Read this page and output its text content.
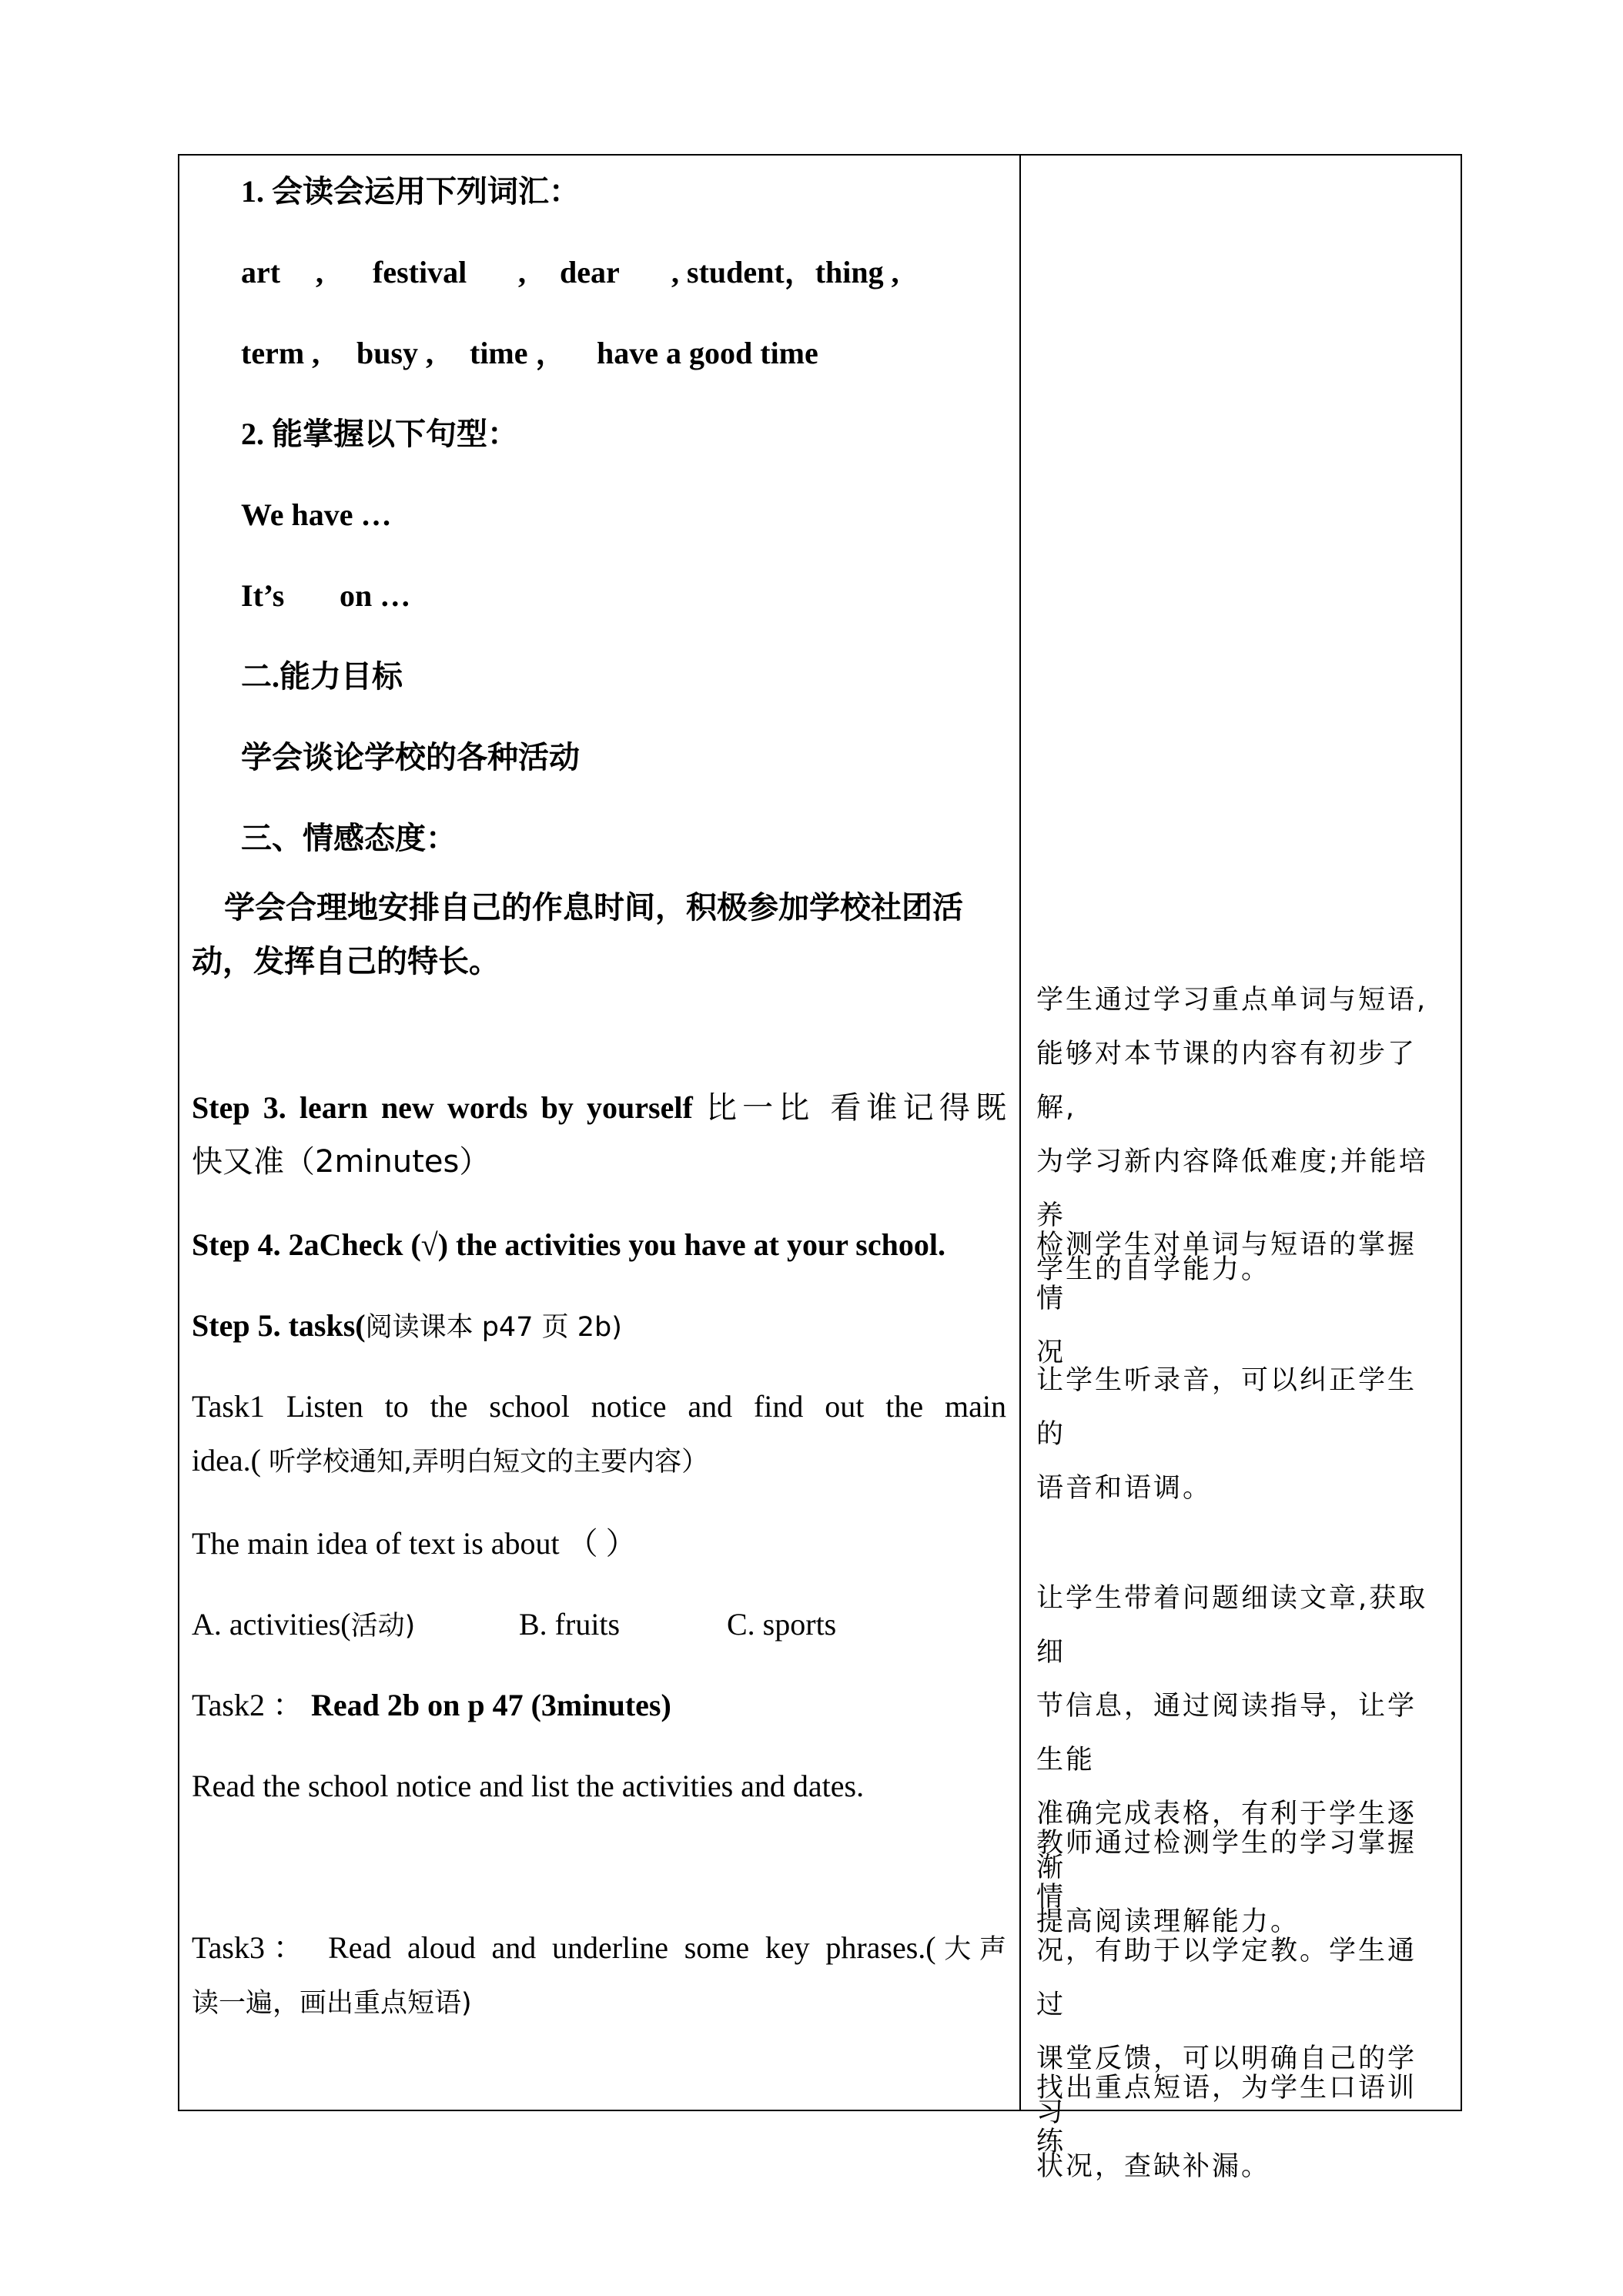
1. 会读会运用下列词汇：
art , festival , dear , student，thing ,
term , busy , time ， have a good time
2. 能掌握以下句型：
We have …
It’s on …
二.能力目标
学会谈论学校的各种活动
三、情感态度：
学会合理地安排自己的作息时间，积极参加学校社团活
动，发挥自己的特长。
Step 3. learn new words by yourself 比一比 看谁记得既
快又准（2minutes）
Step 4. 2aCheck (√) the activities you have at your school.
Step 5. tasks(阅读课本 p47 页 2b)
Task1 Listen to the school notice and find out the main
idea.( 听学校通知,弄明白短文的主要内容）
The main idea of text is about （ ）
A. activities(活动)	B. fruits	C. sports
Task2 ： Read 2b on p 47 (3minutes)
Read the school notice and list the activities and dates.
Task3： Read aloud and underline some key phrases.(大声
读一遍，画出重点短语)
学生通过学习重点单词与短语,
能够对本节课的内容有初步了解,
为学习新内容降低难度;并能培养
学生的自学能力。
检测学生对单词与短语的掌握情
况
让学生听录音，可以纠正学生的
语音和语调。
让学生带着问题细读文章,获取细
节信息，通过阅读指导，让学生能
准确完成表格，有利于学生逐渐
提高阅读理解能力。
教师通过检测学生的学习掌握情
况，有助于以学定教。学生通过
课堂反馈，可以明确自己的学习
状况，查缺补漏。
找出重点短语，为学生口语训练
